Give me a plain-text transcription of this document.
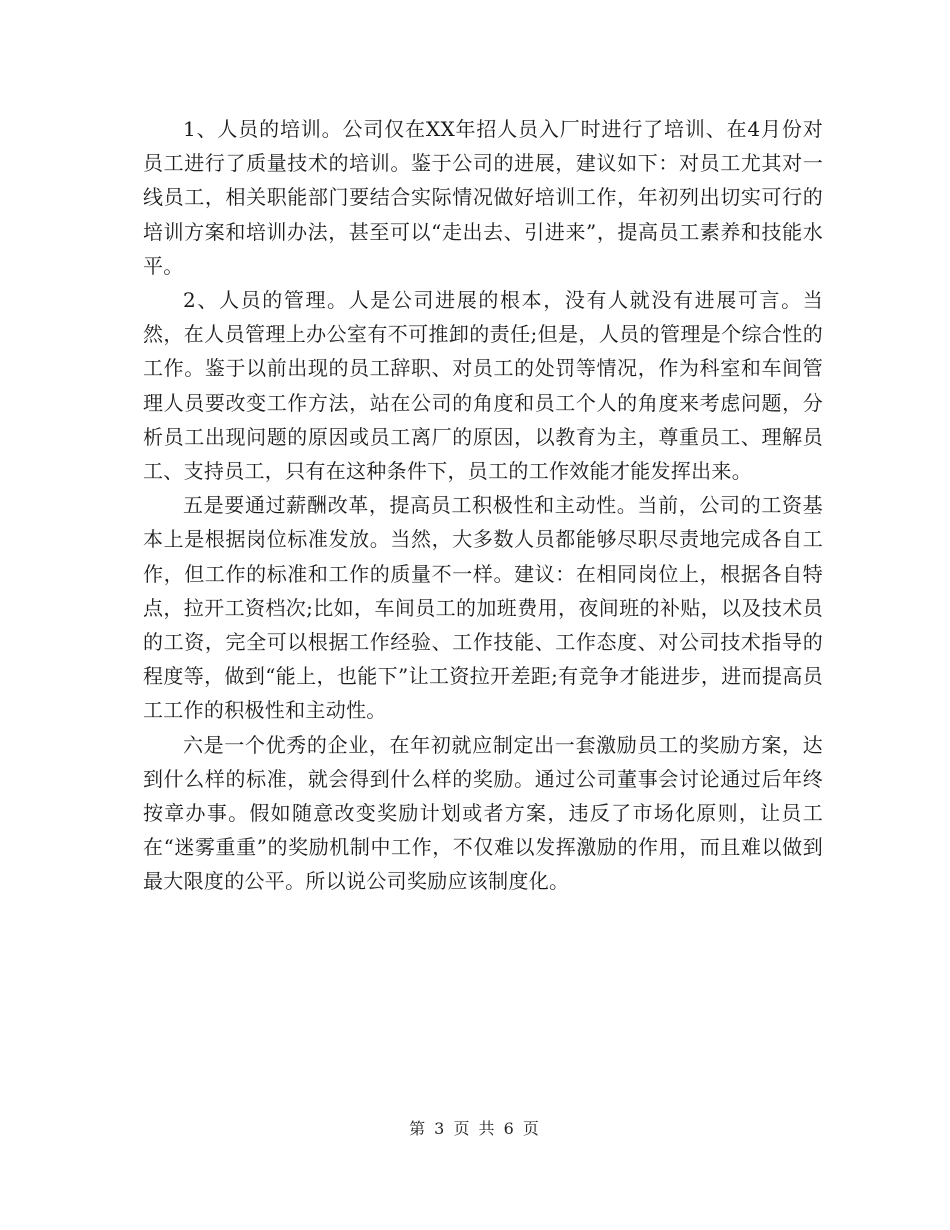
1、人员的培训。公司仅在XX年招人员入厂时进行了培训、在4月份对员工进行了质量技术的培训。鉴于公司的进展，建议如下：对员工尤其对一线员工，相关职能部门要结合实际情况做好培训工作，年初列出切实可行的培训方案和培训办法，甚至可以“走出去、引进来”，提高员工素养和技能水平。

2、人员的管理。人是公司进展的根本，没有人就没有进展可言。当然，在人员管理上办公室有不可推卸的责任;但是，人员的管理是个综合性的工作。鉴于以前出现的员工辞职、对员工的处罚等情况，作为科室和车间管理人员要改变工作方法，站在公司的角度和员工个人的角度来考虑问题，分析员工出现问题的原因或员工离厂的原因，以教育为主，尊重员工、理解员工、支持员工，只有在这种条件下，员工的工作效能才能发挥出来。

五是要通过薪酬改革，提高员工积极性和主动性。当前，公司的工资基本上是根据岗位标准发放。当然，大多数人员都能够尽职尽责地完成各自工作，但工作的标准和工作的质量不一样。建议：在相同岗位上，根据各自特点，拉开工资档次;比如，车间员工的加班费用，夜间班的补贴，以及技术员的工资，完全可以根据工作经验、工作技能、工作态度、对公司技术指导的程度等，做到“能上，也能下”让工资拉开差距;有竞争才能进步，进而提高员工工作的积极性和主动性。

六是一个优秀的企业，在年初就应制定出一套激励员工的奖励方案，达到什么样的标准，就会得到什么样的奖励。通过公司董事会讨论通过后年终按章办事。假如随意改变奖励计划或者方案，违反了市场化原则，让员工在“迷雾重重”的奖励机制中工作，不仅难以发挥激励的作用，而且难以做到最大限度的公平。所以说公司奖励应该制度化。

第 3 页 共 6 页
